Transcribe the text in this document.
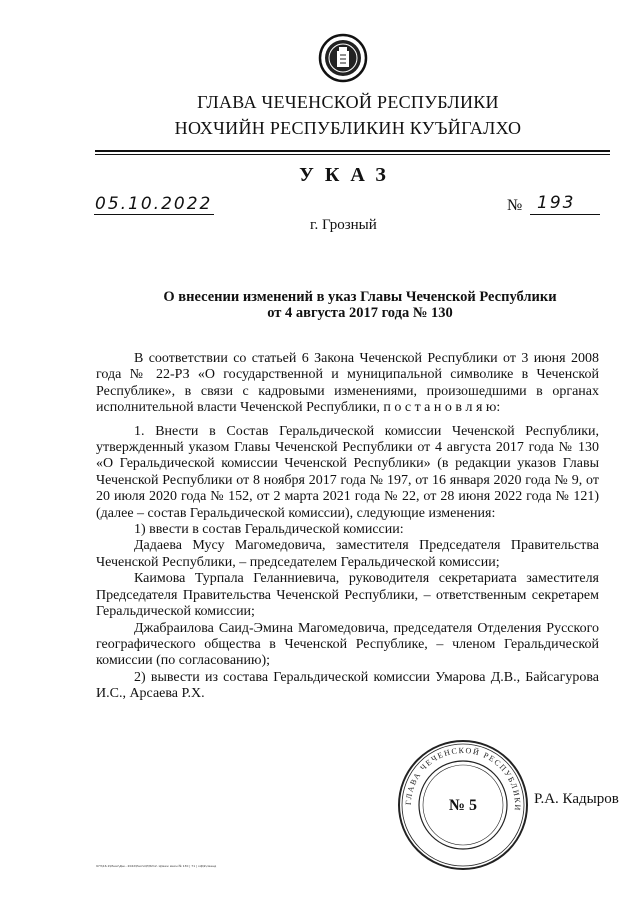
ГЛАВА ЧЕЧЕНСКОЙ РЕСПУБЛИКИ
НОХЧИЙН РЕСПУБЛИКИН КУЪЙГАЛХО
УКАЗ
05.10.2022	№ 193
г. Грозный
О внесении изменений в указ Главы Чеченской Республики
от 4 августа 2017 года № 130

В соответствии со статьей 6 Закона Чеченской Республики от 3 июня 2008 года № 22-РЗ «О государственной и муниципальной символике в Чеченской Республике», в связи с кадровыми изменениями, произошедшими в органах исполнительной власти Чеченской Республики, п о с т а н о в л я ю:

1. Внести в Состав Геральдической комиссии Чеченской Республики, утвержденный указом Главы Чеченской Республики от 4 августа 2017 года № 130 «О Геральдической комиссии Чеченской Республики» (в редакции указов Главы Чеченской Республики от 8 ноября 2017 года № 197, от 16 января 2020 года № 9, от 20 июля 2020 года № 152, от 2 марта 2021 года № 22, от 28 июня 2022 года № 121) (далее – состав Геральдической комиссии), следующие изменения:

1) ввести в состав Геральдической комиссии:

Дадаева Мусу Магомедовича, заместителя Председателя Правительства Чеченской Республики, – председателем Геральдической комиссии;

Каимова Турпала Геланниевича, руководителя секретариата заместителя Председателя Правительства Чеченской Республики, – ответственным секретарем Геральдической комиссии;

Джабраилова Саид-Эмина Магомедовича, председателя Отделения Русского географического общества в Чеченской Республике, – членом Геральдической комиссии (по согласованию);

2) вывести из состава Геральдической комиссии Умарова Д.В., Байсагурова И.С., Арсаева Р.Х.

ГЛАВА ЧЕЧЕНСКОЙ РЕСПУБЛИКИ
№ 5	Р.А. Кадыров
973\16.1\Мнас\Дш - 2022\Распо\Р\8212. Ц\меж мехн № 130 | 71 | оф\9\сменд
